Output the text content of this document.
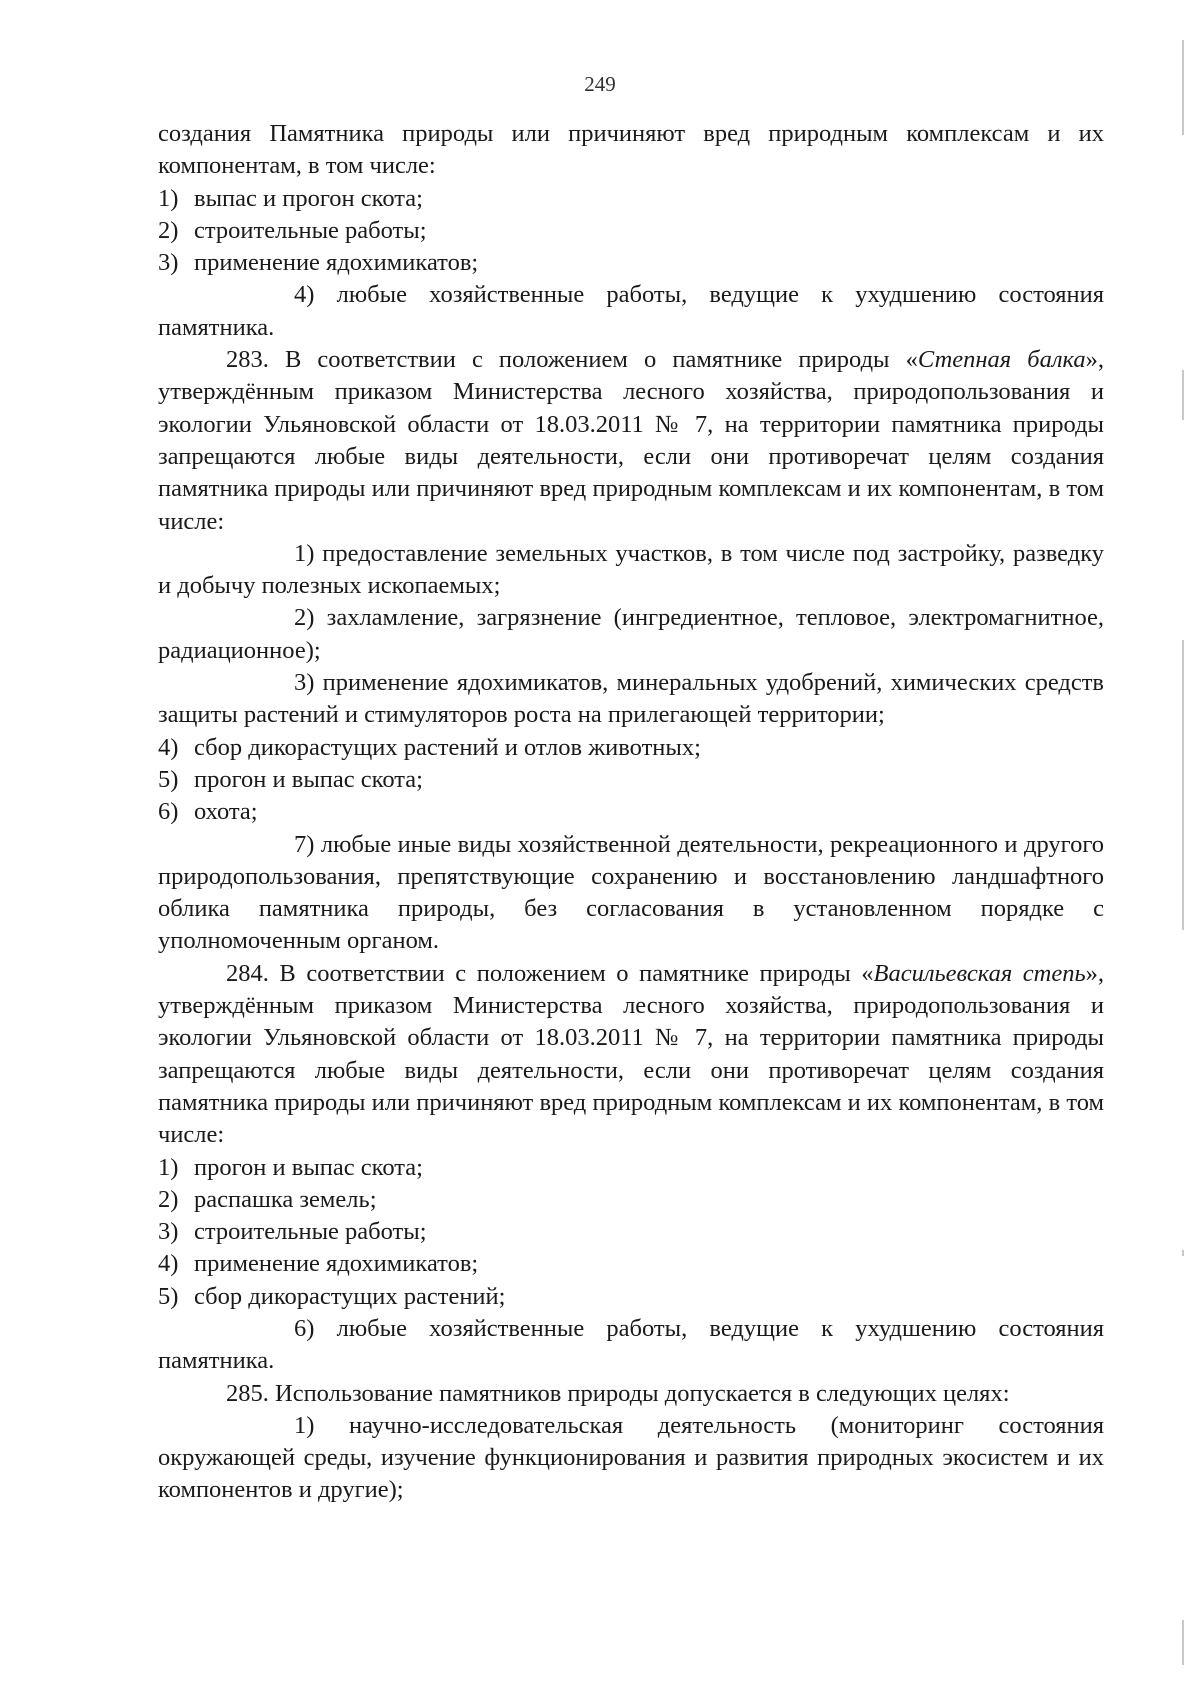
249

создания Памятника природы или причиняют вред природным комплексам и их компонентам, в том числе:

1) выпас и прогон скота;

2) строительные работы;

3) применение ядохимикатов;

4) любые хозяйственные работы, ведущие к ухудшению состояния памятника.

283. В соответствии с положением о памятнике природы «Степная балка», утверждённым приказом Министерства лесного хозяйства, природопользования и экологии Ульяновской области от 18.03.2011 № 7, на территории памятника природы запрещаются любые виды деятельности, если они противоречат целям создания памятника природы или причиняют вред природным комплексам и их компонентам, в том числе:

1) предоставление земельных участков, в том числе под застройку, разведку и добычу полезных ископаемых;

2) захламление, загрязнение (ингредиентное, тепловое, электромагнитное, радиационное);

3) применение ядохимикатов, минеральных удобрений, химических средств защиты растений и стимуляторов роста на прилегающей территории;

4) сбор дикорастущих растений и отлов животных;

5) прогон и выпас скота;

6) охота;

7) любые иные виды хозяйственной деятельности, рекреационного и другого природопользования, препятствующие сохранению и восстановлению ландшафтного облика памятника природы, без согласования в установленном порядке с уполномоченным органом.

284. В соответствии с положением о памятнике природы «Васильевская степь», утверждённым приказом Министерства лесного хозяйства, природопользования и экологии Ульяновской области от 18.03.2011 № 7, на территории памятника природы запрещаются любые виды деятельности, если они противоречат целям создания памятника природы или причиняют вред природным комплексам и их компонентам, в том числе:

1) прогон и выпас скота;

2) распашка земель;

3) строительные работы;

4) применение ядохимикатов;

5) сбор дикорастущих растений;

6) любые хозяйственные работы, ведущие к ухудшению состояния памятника.

285. Использование памятников природы допускается в следующих целях:

1) научно-исследовательская деятельность (мониторинг состояния окружающей среды, изучение функционирования и развития природных экосистем и их компонентов и другие);
